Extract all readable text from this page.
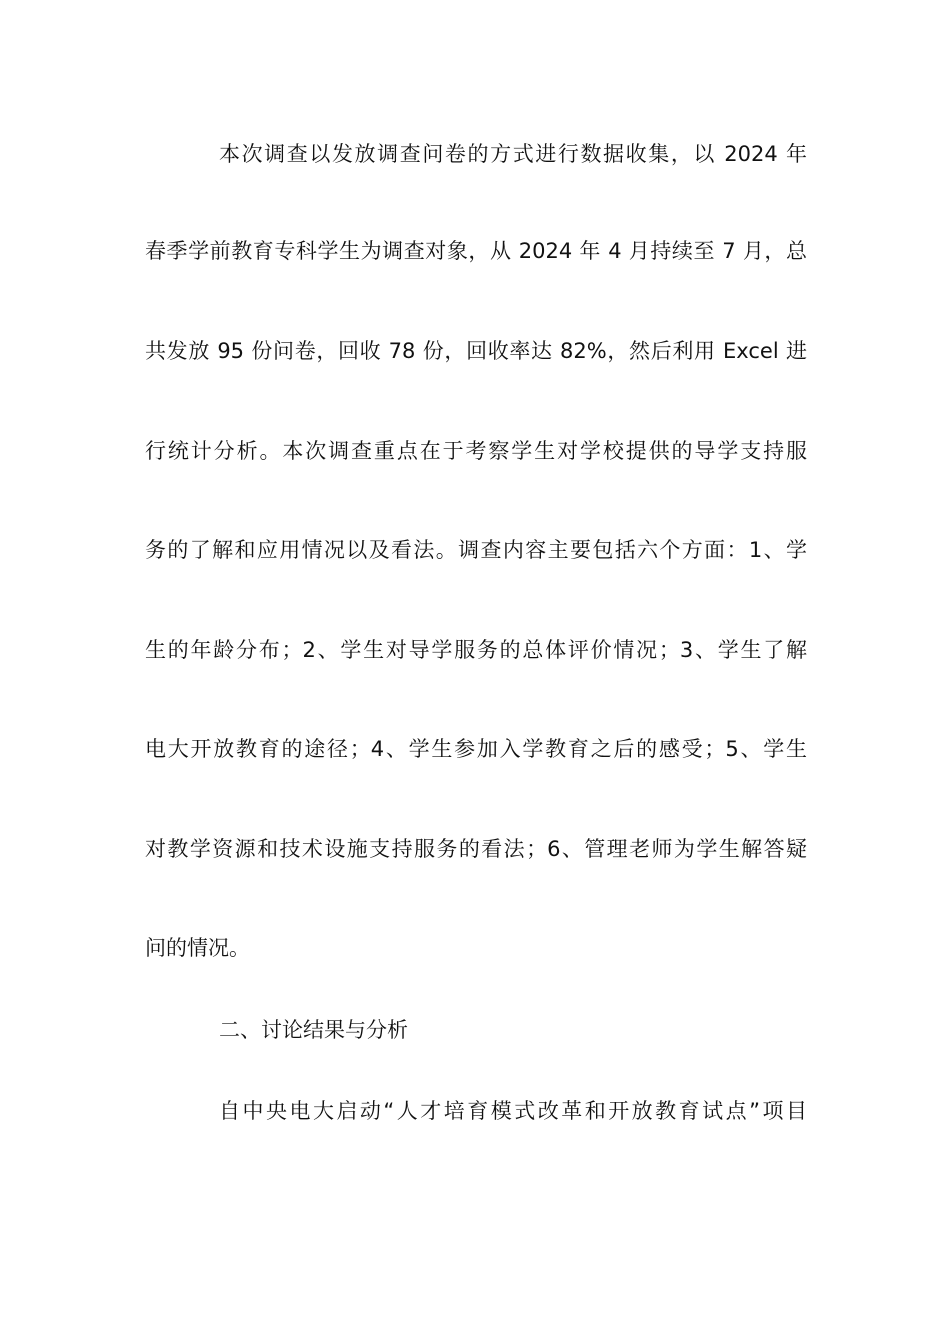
本次调查以发放调查问卷的方式进行数据收集，以 2024 年
春季学前教育专科学生为调查对象，从 2024 年 4 月持续至 7 月，总
共发放 95 份问卷，回收 78 份，回收率达 82%，然后利用 Excel 进
行统计分析。本次调查重点在于考察学生对学校提供的导学支持服
务的了解和应用情况以及看法。调查内容主要包括六个方面：1、学
生的年龄分布；2、学生对导学服务的总体评价情况；3、学生了解
电大开放教育的途径；4、学生参加入学教育之后的感受；5、学生
对教学资源和技术设施支持服务的看法；6、管理老师为学生解答疑
问的情况。
二、讨论结果与分析
自中央电大启动“人才培育模式改革和开放教育试点”项目
